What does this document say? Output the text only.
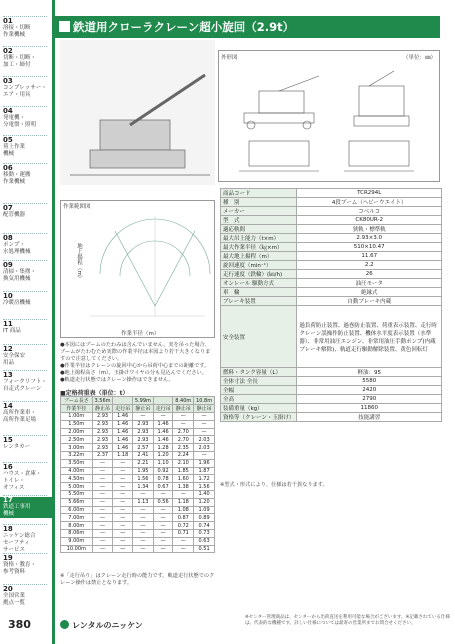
01
溶接・切断
作業機械
02
切断・切断・
加工・締付
03
コンプレッサー・
エア・用具
04
発電機・
分電盤・照明
05
荷上作業
機械
06
移動・運搬
作業機械
07
配管機器
08
ポンプ・
水処理機械
09
清掃・集塵・
換気用機械
10
冷暖房機械
11
IT 商品
12
安全保安
用品
13
フォークリフト・
自走式クレーン
14
高所作業車・
高所作業足場
15
レンタカー
16
ハウス・倉庫・
トイレ・
オフィス
17
鉄道工事用
機械
18
ニッケン総合
セーフティ
サービス
19
資格・教育・
参考資料
20
全国営業
拠点一覧
380
鉄道用クローラクレーン超小旋回（2.9t）
外形図	（単位：㎜）
作業範囲図
地上揚程（m）
作業半径（m）
●本図にはブームのたわみは含んでいません。実を吊った場合、ブームがたわむため実際の作業半径は本図より若干大きくなりますので注意してください。
●作業半径はクレーンの旋回中心から吊荷中心までの距離です。
●地上揚程高さ（m）。玉掛けワイヤの分も見込んでください。
●軌道走行状態ではクレーン操作はできません。
■定格荷重表（単位：t）
ブーム長さ	3.56m		5.99m		8.40m	10.8m
作業半径	静止吊	走行吊	静止吊	走行吊	静止吊	静止吊
1.00m	2.93	1.46	—	—	—	—
1.50m	2.93	1.46	2.93	1.46	—	—
2.00m	2.93	1.46	2.93	1.46	2.70	—
2.50m	2.93	1.46	2.93	1.46	2.70	2.03
3.00m	2.93	1.46	2.57	1.28	2.35	2.03
3.22m	2.37	1.18	2.41	1.20	2.24	—
3.50m	—	—	2.21	1.10	2.10	1.96
4.00m	—	—	1.95	0.92	1.85	1.87
4.50m	—	—	1.56	0.78	1.60	1.72
5.00m	—	—	1.34	0.67	1.38	1.56
5.50m	—	—	—	—	—	1.40
5.66m	—	—	1.13	0.56	1.18	1.20
6.00m	—	—	—	—	1.08	1.09
7.00m	—	—	—	—	0.87	0.89
8.00m	—	—	—	—	0.72	0.74
8.06m	—	—	—	—	0.71	0.73
9.00m	—	—	—	—	—	0.63
10.00m	—	—	—	—	—	0.51
※「走行吊り」はクレーン走行時の能力です。軌道走行状態でのクレーン操作は禁止となります。
商品コード	TCR294L
種　別	4段ブーム（ヘビーウエイト）
メーカー	コベルコ
型　式	CK80UR-2
適応軌間	狭軌・標準軌
最大吊上能力（t×m）	2.93×3.0
最大作業半径（㎏×m）	510×10.47
最大地上揚程（m）	11.67
旋回速度（min⁻¹）	2.2
走行速度（鉄輪）(㎞/h)	26
オンレール 駆動方式	油圧モータ
車　輪	絶縁式
ブレーキ装置	自動ブレーキ内蔵
安全装置	過負荷防止装置、過巻防止装置、荷重表示装置、走行時クレーン誤操作防止装置、機体水平度表示装置（水準器）、非常用油圧エンジン、非常用油圧手動ポンプ(内蔵ブレーキ解除)、軌道走行駆動解除装置、黄色回転灯
燃料・タンク容量（L）	軽油：95
全体寸法 全長	5580
全幅	2420
全高	2790
装備重量（kg）	11860
資格等（クレーン・玉掛け）	技能講習
※型式・形式により、仕様は若干異なります。
レンタルのニッケン
※センター管理商品は、センターから出荷直送を利用可能な場合がございます。※記載されている仕様は、代表的な機種です。詳しい仕様については最寄の営業所までお問合せください。
